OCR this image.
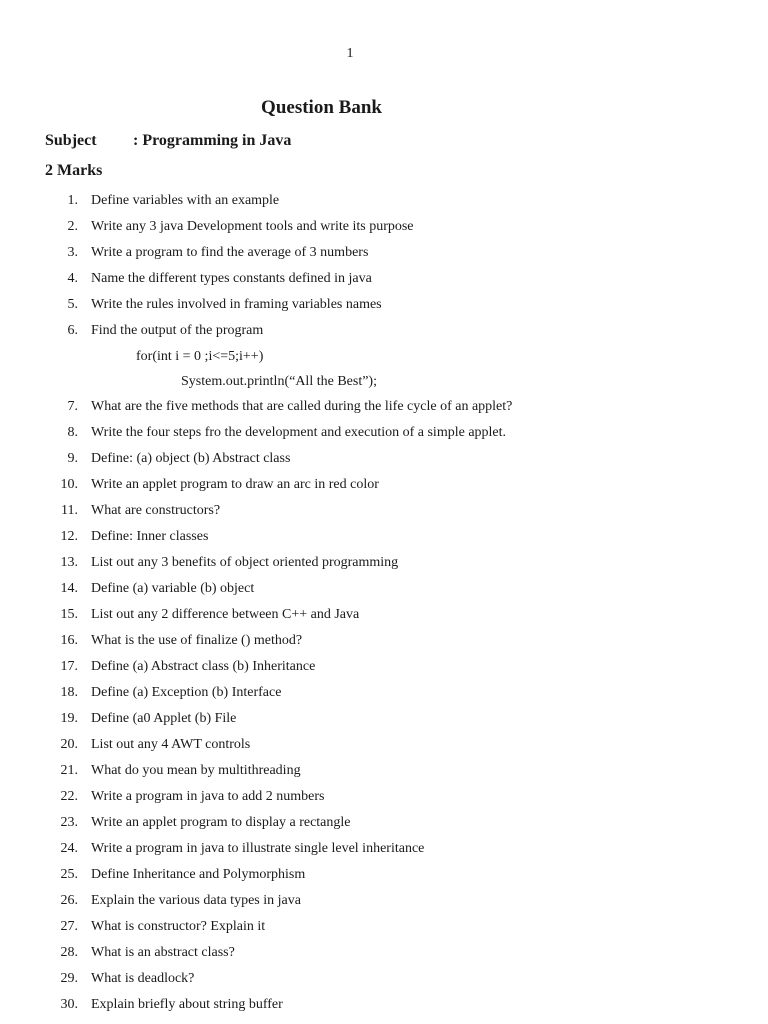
1
Question Bank
Subject : Programming in Java
2 Marks
1. Define variables with an example
2. Write any 3 java Development tools and write its purpose
3. Write a program to find the average of 3 numbers
4. Name the different types constants defined in java
5. Write the rules involved in framing variables names
6. Find the output of the program
for(int i = 0 ;i<=5;i++)
System.out.println(“All the Best”);
7. What are the five methods that are called during the life cycle of an applet?
8. Write the four steps fro the development and execution of a simple applet.
9. Define: (a) object (b) Abstract class
10. Write an applet program to draw an arc in red color
11. What are constructors?
12. Define: Inner classes
13. List out any 3 benefits of object oriented programming
14. Define (a) variable (b) object
15. List out any 2 difference between C++ and Java
16. What is the use of finalize () method?
17. Define (a) Abstract class (b) Inheritance
18. Define (a) Exception (b) Interface
19. Define (a0 Applet (b) File
20. List out any 4 AWT controls
21. What do you mean by multithreading
22. Write a program in java to add 2 numbers
23. Write an applet program to display a rectangle
24. Write a program in java to illustrate single level inheritance
25. Define Inheritance and Polymorphism
26. Explain the various data types in java
27. What is constructor? Explain it
28. What is an abstract class?
29. What is deadlock?
30. Explain briefly about string buffer
